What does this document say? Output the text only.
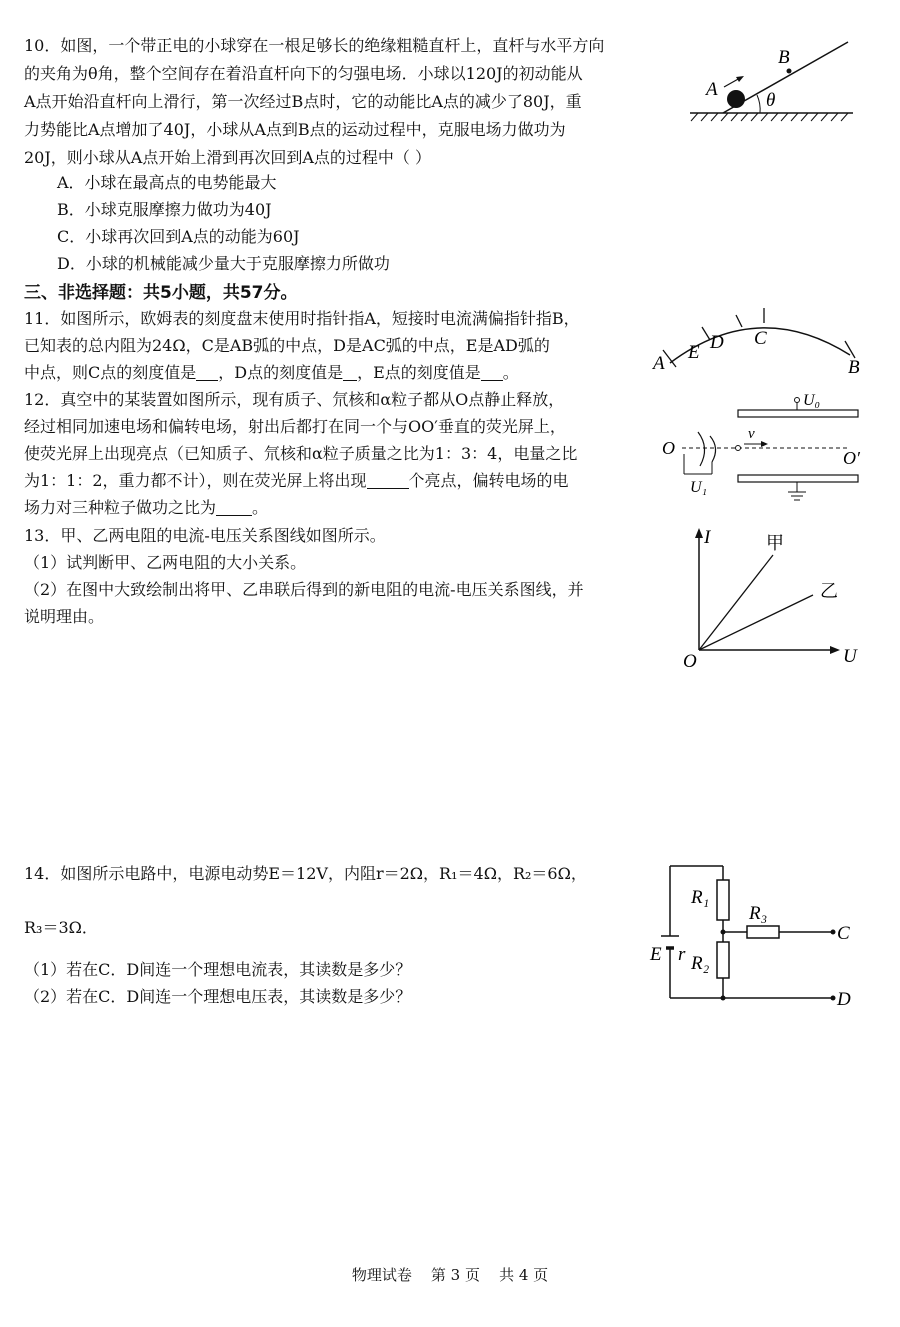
10．如图，一个带正电的小球穿在一根足够长的绝缘粗糙直杆上，直杆与水平方向
的夹角为θ角，整个空间存在着沿直杆向下的匀强电场．小球以120J的初动能从
A点开始沿直杆向上滑行，第一次经过B点时，它的动能比A点的减少了80J，重
力势能比A点增加了40J，小球从A点到B点的运动过程中，克服电场力做功为
20J，则小球从A点开始上滑到再次回到A点的过程中（ ）
A．小球在最高点的电势能最大
B．小球克服摩擦力做功为40J
C．小球再次回到A点的动能为60J
D．小球的机械能减少量大于克服摩擦力所做功
A
B
θ
三、非选择题：共5小题，共57分。
11．如图所示，欧姆表的刻度盘末使用时指针指A，短接时电流满偏指针指B，
已知表的总内阻为24Ω，C是AB弧的中点，D是AC弧的中点，E是AD弧的
中点，则C点的刻度值是 ，D点的刻度值是 ，E点的刻度值是 。	A
E D C
B
12．真空中的某装置如图所示，现有质子、氘核和α粒子都从O点静止释放，
经过相同加速电场和偏转电场，射出后都打在同一个与OO′垂直的荧光屏上，
使荧光屏上出现亮点（已知质子、氘核和α粒子质量之比为1：3：4，电量之比
为1：1：2，重力都不计），则在荧光屏上将出现	个亮点，偏转电场的电
场力对三种粒子做功之比为 。
O	O′
v
U₀
U₁
13．甲、乙两电阻的电流-电压关系图线如图所示。
（1）试判断甲、乙两电阻的大小关系。
（2）在图中大致绘制出将甲、乙串联后得到的新电阻的电流-电压关系图线，并
说明理由。
I
U
O
甲
乙
14．如图所示电路中，电源电动势E＝12V，内阻r＝2Ω，R₁＝4Ω，R₂＝6Ω，
R₃＝3Ω．
（1）若在C．D间连一个理想电流表，其读数是多少？
（2）若在C．D间连一个理想电压表，其读数是多少？
R₁
R₂
R₃
E r
C
D
物理试卷    第 3 页    共 4 页
